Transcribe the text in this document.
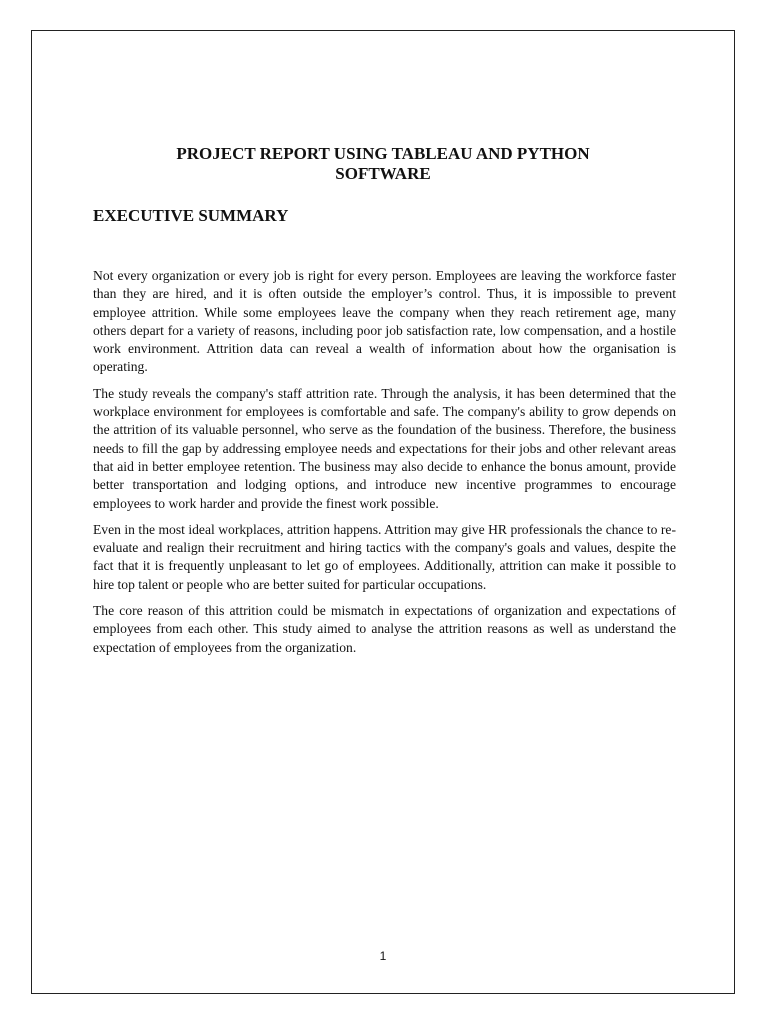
PROJECT REPORT USING TABLEAU AND PYTHON
SOFTWARE
EXECUTIVE SUMMARY

Not every organization or every job is right for every person. Employees are leaving the workforce faster than they are hired, and it is often outside the employer’s control. Thus, it is impossible to prevent employee attrition. While some employees leave the company when they reach retirement age, many others depart for a variety of reasons, including poor job satisfaction rate, low compensation, and a hostile work environment. Attrition data can reveal a wealth of information about how the organisation is operating.

The study reveals the company's staff attrition rate. Through the analysis, it has been determined that the workplace environment for employees is comfortable and safe. The company's ability to grow depends on the attrition of its valuable personnel, who serve as the foundation of the business. Therefore, the business needs to fill the gap by addressing employee needs and expectations for their jobs and other relevant areas that aid in better employee retention. The business may also decide to enhance the bonus amount, provide better transportation and lodging options, and introduce new incentive programmes to encourage employees to work harder and provide the finest work possible.

Even in the most ideal workplaces, attrition happens. Attrition may give HR professionals the chance to re-evaluate and realign their recruitment and hiring tactics with the company's goals and values, despite the fact that it is frequently unpleasant to let go of employees. Additionally, attrition can make it possible to hire top talent or people who are better suited for particular occupations.

The core reason of this attrition could be mismatch in expectations of organization and expectations of employees from each other. This study aimed to analyse the attrition reasons as well as understand the expectation of employees from the organization.

1
